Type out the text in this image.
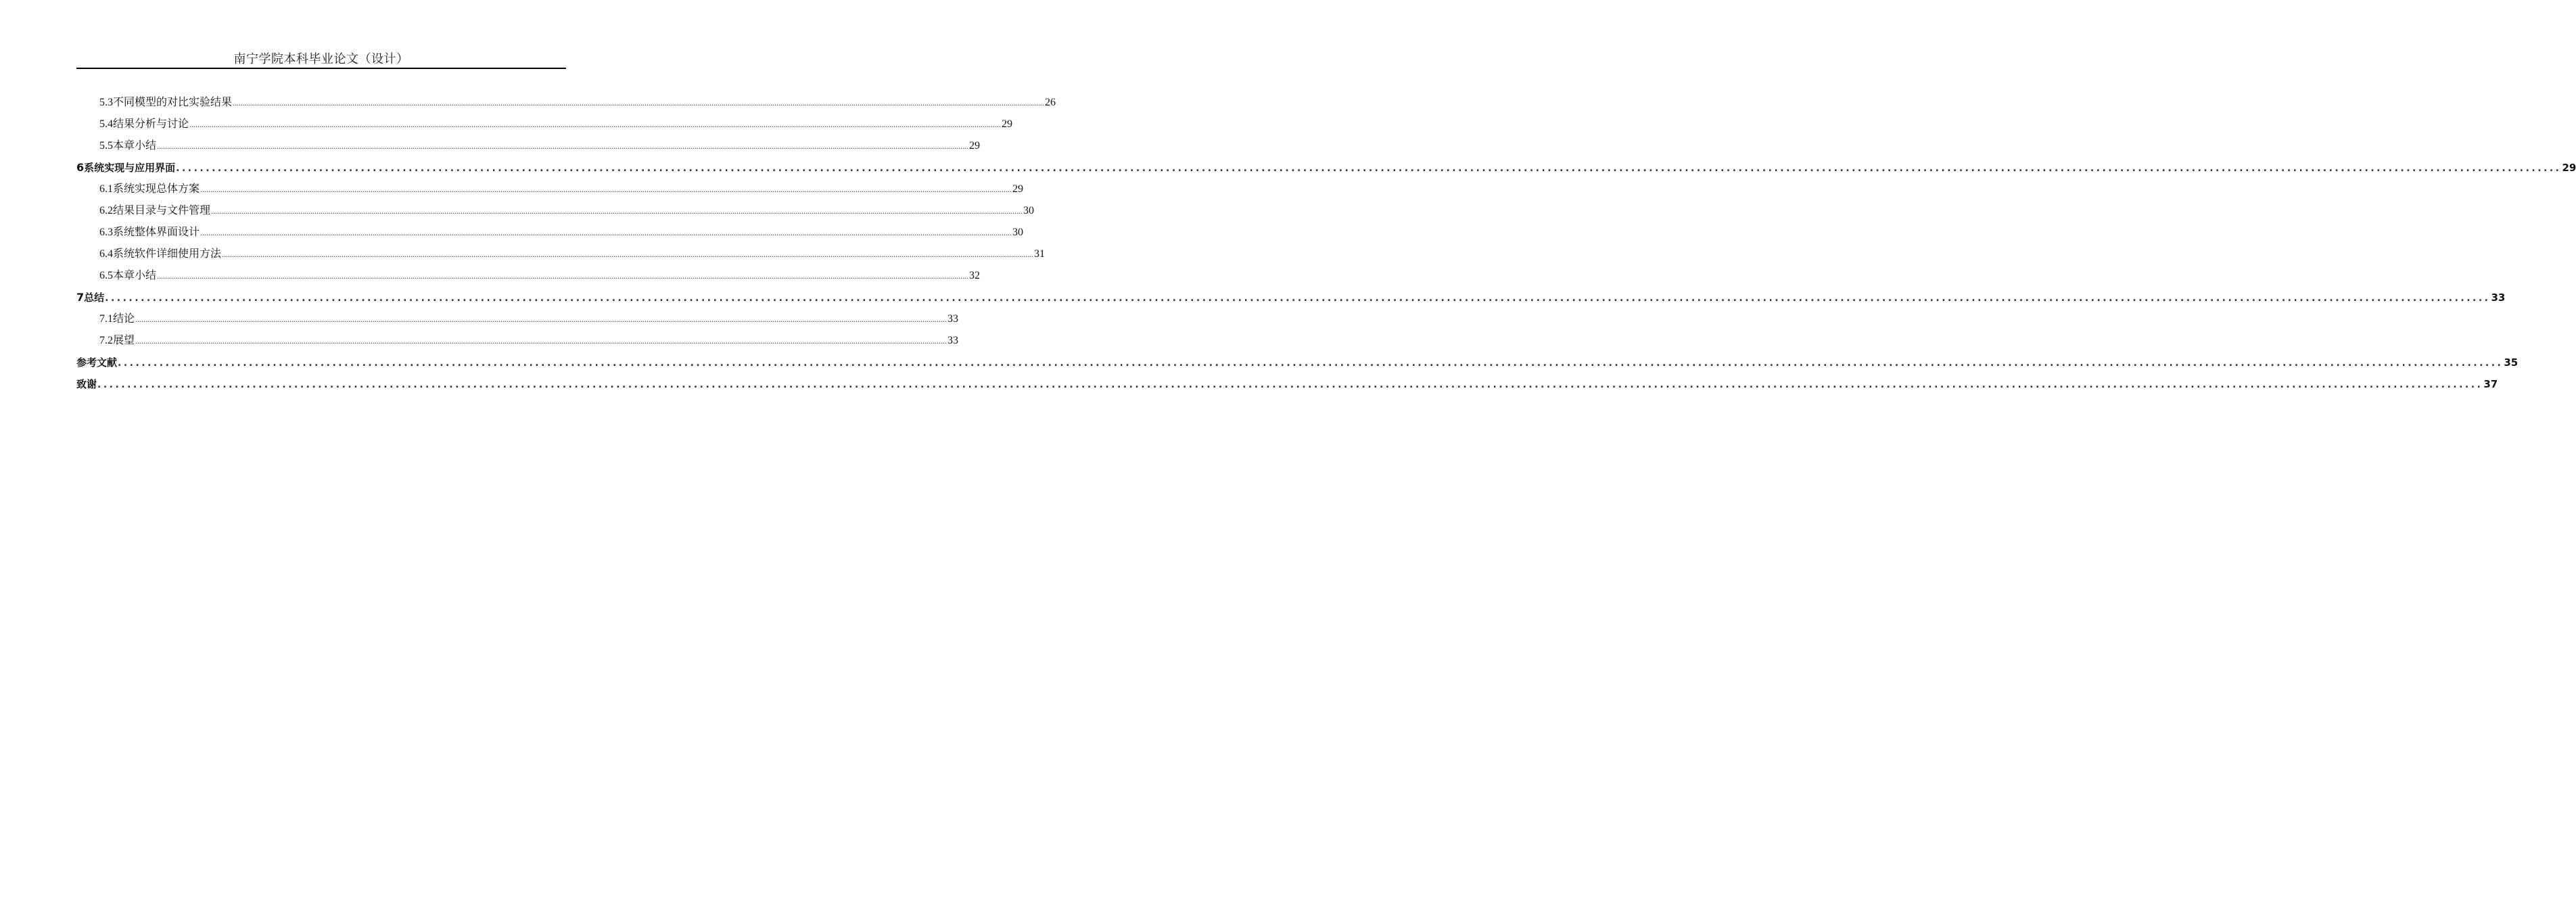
南宁学院本科毕业论文（设计）
5.3 不同模型的对比实验结果 ................................................................................................................................................................................................................................................................................................................................................................................................................ 26
5.4 结果分析与讨论 ................................................................................................................................................................................................................................................................................................................................................................................................................ 29
5.5 本章小结 ................................................................................................................................................................................................................................................................................................................................................................................................................ 29
6 系统实现与应用界面 ................................................................................................................................................................................................................................................................................................................................................................................................................ 29
6.1 系统实现总体方案 ................................................................................................................................................................................................................................................................................................................................................................................................................ 29
6.2 结果目录与文件管理 ................................................................................................................................................................................................................................................................................................................................................................................................................ 30
6.3 系统整体界面设计 ................................................................................................................................................................................................................................................................................................................................................................................................................ 30
6.4 系统软件详细使用方法 ................................................................................................................................................................................................................................................................................................................................................................................................................ 31
6.5 本章小结 ................................................................................................................................................................................................................................................................................................................................................................................................................ 32
7 总结 ................................................................................................................................................................................................................................................................................................................................................................................................................ 33
7.1 结论 ................................................................................................................................................................................................................................................................................................................................................................................................................ 33
7.2 展望 ................................................................................................................................................................................................................................................................................................................................................................................................................ 33
参考文献 ................................................................................................................................................................................................................................................................................................................................................................................................................ 35
致谢 ................................................................................................................................................................................................................................................................................................................................................................................................................ 37
